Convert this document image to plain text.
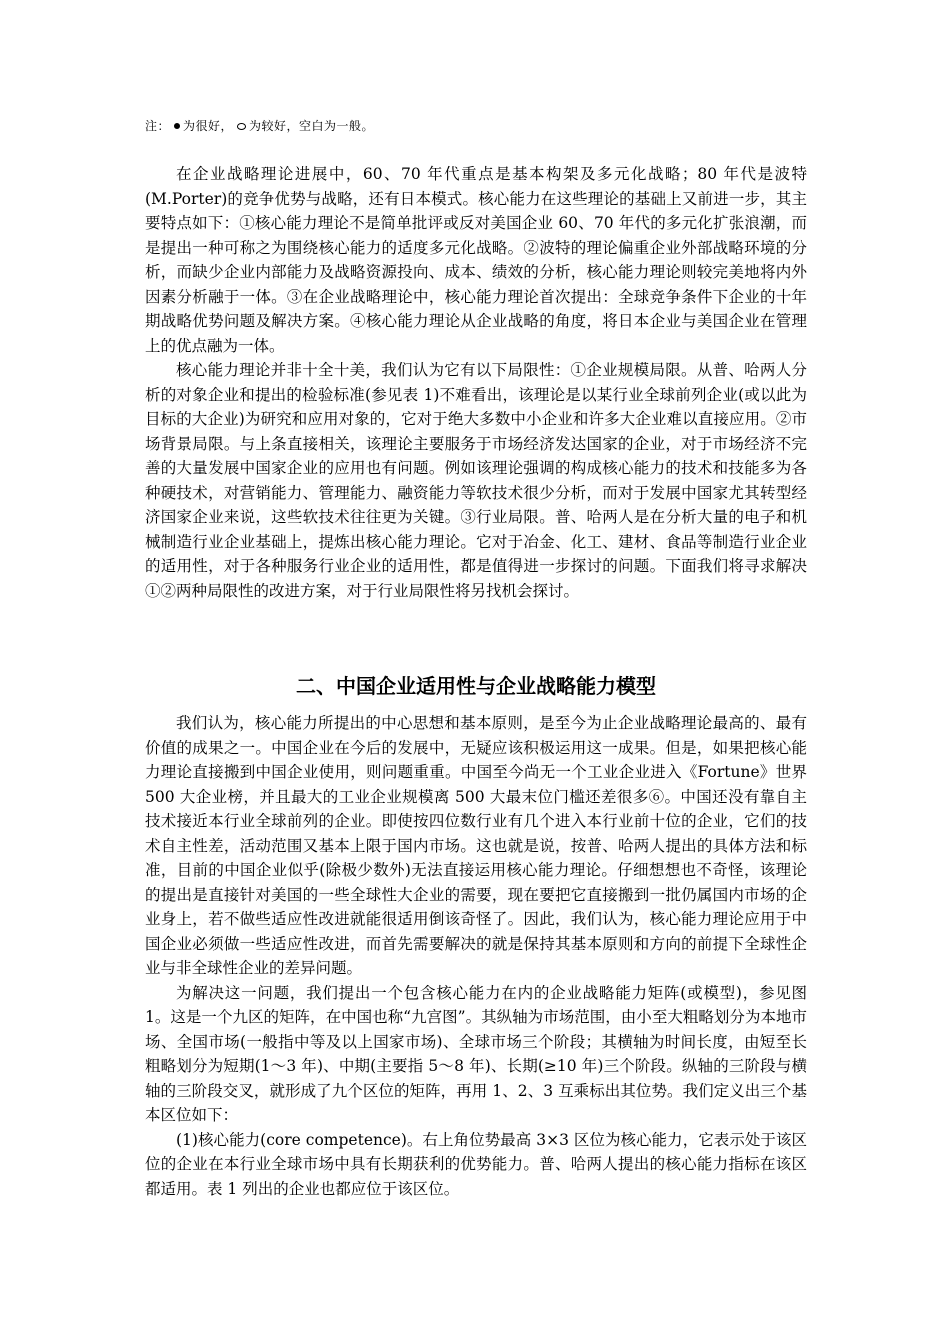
注： 为很好， 为较好，空白为一般。

在企业战略理论进展中，60、70 年代重点是基本构架及多元化战略；80 年代是波特(M.Porter)的竞争优势与战略，还有日本模式。核心能力在这些理论的基础上又前进一步，其主要特点如下：①核心能力理论不是简单批评或反对美国企业 60、70 年代的多元化扩张浪潮，而是提出一种可称之为围绕核心能力的适度多元化战略。②波特的理论偏重企业外部战略环境的分析，而缺少企业内部能力及战略资源投向、成本、绩效的分析，核心能力理论则较完美地将内外因素分析融于一体。③在企业战略理论中，核心能力理论首次提出：全球竞争条件下企业的十年期战略优势问题及解决方案。④核心能力理论从企业战略的角度，将日本企业与美国企业在管理上的优点融为一体。

核心能力理论并非十全十美，我们认为它有以下局限性：①企业规模局限。从普、哈两人分析的对象企业和提出的检验标准(参见表 1)不难看出，该理论是以某行业全球前列企业(或以此为目标的大企业)为研究和应用对象的，它对于绝大多数中小企业和许多大企业难以直接应用。②市场背景局限。与上条直接相关，该理论主要服务于市场经济发达国家的企业，对于市场经济不完善的大量发展中国家企业的应用也有问题。例如该理论强调的构成核心能力的技术和技能多为各种硬技术，对营销能力、管理能力、融资能力等软技术很少分析，而对于发展中国家尤其转型经济国家企业来说，这些软技术往往更为关键。③行业局限。普、哈两人是在分析大量的电子和机械制造行业企业基础上，提炼出核心能力理论。它对于冶金、化工、建材、食品等制造行业企业的适用性，对于各种服务行业企业的适用性，都是值得进一步探讨的问题。下面我们将寻求解决①②两种局限性的改进方案，对于行业局限性将另找机会探讨。

二、中国企业适用性与企业战略能力模型

我们认为，核心能力所提出的中心思想和基本原则，是至今为止企业战略理论最高的、最有价值的成果之一。中国企业在今后的发展中，无疑应该积极运用这一成果。但是，如果把核心能力理论直接搬到中国企业使用，则问题重重。中国至今尚无一个工业企业进入《Fortune》世界 500 大企业榜，并且最大的工业企业规模离 500 大最末位门槛还差很多⑥。中国还没有靠自主技术接近本行业全球前列的企业。即使按四位数行业有几个进入本行业前十位的企业，它们的技术自主性差，活动范围又基本上限于国内市场。这也就是说，按普、哈两人提出的具体方法和标准，目前的中国企业似乎(除极少数外)无法直接运用核心能力理论。仔细想想也不奇怪，该理论的提出是直接针对美国的一些全球性大企业的需要，现在要把它直接搬到一批仍属国内市场的企业身上，若不做些适应性改进就能很适用倒该奇怪了。因此，我们认为，核心能力理论应用于中国企业必须做一些适应性改进，而首先需要解决的就是保持其基本原则和方向的前提下全球性企业与非全球性企业的差异问题。

为解决这一问题，我们提出一个包含核心能力在内的企业战略能力矩阵(或模型)，参见图 1。这是一个九区的矩阵，在中国也称“九宫图”。其纵轴为市场范围，由小至大粗略划分为本地市场、全国市场(一般指中等及以上国家市场)、全球市场三个阶段；其横轴为时间长度，由短至长粗略划分为短期(1～3 年)、中期(主要指 5～8 年)、长期(≥10 年)三个阶段。纵轴的三阶段与横轴的三阶段交叉，就形成了九个区位的矩阵，再用 1、2、3 互乘标出其位势。我们定义出三个基本区位如下：

(1)核心能力(core competence)。右上角位势最高 3×3 区位为核心能力，它表示处于该区位的企业在本行业全球市场中具有长期获利的优势能力。普、哈两人提出的核心能力指标在该区都适用。表 1 列出的企业也都应位于该区位。
